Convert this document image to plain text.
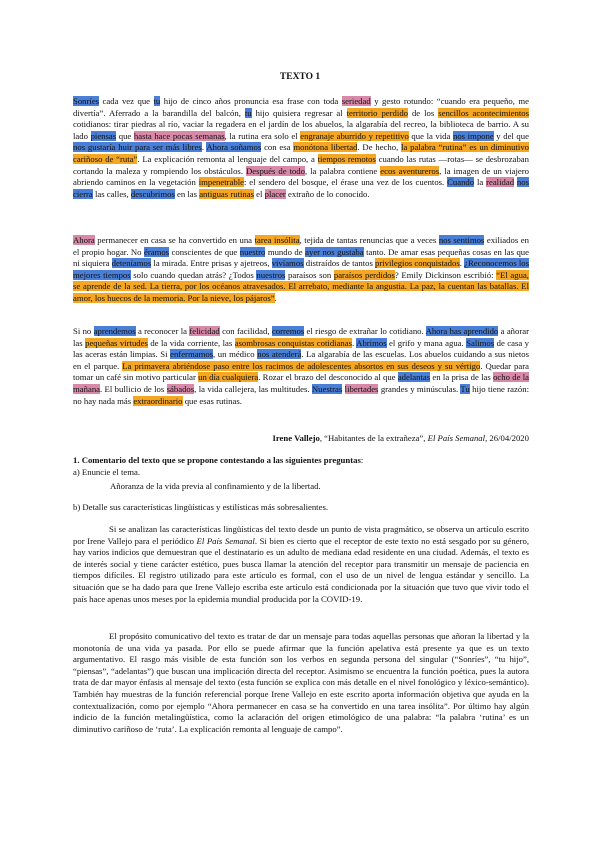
TEXTO 1

Sonríes cada vez que tu hijo de cinco años pronuncia esa frase con toda seriedad y gesto rotundo: “cuando era pequeño, me divertía”. Aferrado a la barandilla del balcón, tu hijo quisiera regresar al territorio perdido de los sencillos acontecimientos cotidianos: tirar piedras al río, vaciar la regadera en el jardín de los abuelos, la algarabía del recreo, la biblioteca de barrio. A su lado piensas que hasta hace pocas semanas, la rutina era solo el engranaje aburrido y repetitivo que la vida nos impone y del que nos gustaría huir para ser más libres. Ahora soñamos con esa monótona libertad. De hecho, la palabra “rutina” es un diminutivo cariñoso de “ruta”. La explicación remonta al lenguaje del campo, a tiempos remotos cuando las rutas —rotas— se desbrozaban cortando la maleza y rompiendo los obstáculos. Después de todo, la palabra contiene ecos aventureros, la imagen de un viajero abriendo caminos en la vegetación impenetrable: el sendero del bosque, el érase una vez de los cuentos. Cuando la realidad nos cierra las calles, descubrimos en las antiguas rutinas el placer extraño de lo conocido.

Ahora permanecer en casa se ha convertido en una tarea insólita, tejida de tantas renuncias que a veces nos sentimos exiliados en el propio hogar. No éramos conscientes de que nuestro mundo de ayer nos gustaba tanto. De amar esas pequeñas cosas en las que ni siquiera deteníamos la mirada. Entre prisas y ajetreos, vivíamos distraídos de tantos privilegios conquistados. ¿Reconocemos los mejores tiempos solo cuando quedan atrás? ¿Todos nuestros paraísos son paraísos perdidos? Emily Dickinson escribió: “El agua, se aprende de la sed. La tierra, por los océanos atravesados. El arrebato, mediante la angustia. La paz, la cuentan las batallas. El amor, los huecos de la memoria. Por la nieve, los pájaros”.

Si no aprendemos a reconocer la felicidad con facilidad, corremos el riesgo de extrañar lo cotidiano. Ahora has aprendido a añorar las pequeñas virtudes de la vida corriente, las asombrosas conquistas cotidianas. Abrimos el grifo y mana agua. Salimos de casa y las aceras están limpias. Si enfermamos, un médico nos atenderá. La algarabía de las escuelas. Los abuelos cuidando a sus nietos en el parque. La primavera abriéndose paso entre los racimos de adolescentes absortos en sus deseos y su vértigo. Quedar para tomar un café sin motivo particular un día cualquiera. Rozar el brazo del desconocido al que adelantas en la prisa de las ocho de la mañana. El bullicio de los sábados, la vida callejera, las multitudes. Nuestras libertades grandes y minúsculas. Tu hijo tiene razón: no hay nada más extraordinario que esas rutinas.

Irene Vallejo, “Habitantes de la extrañeza”, El País Semanal, 26/04/2020
1. Comentario del texto que se propone contestando a las siguientes preguntas:
a) Enuncie el tema.
Añoranza de la vida previa al confinamiento y de la libertad.
b) Detalle sus características lingüísticas y estilísticas más sobresalientes.

Si se analizan las características lingüísticas del texto desde un punto de vista pragmático, se observa un artículo escrito por Irene Vallejo para el periódico El País Semanal. Si bien es cierto que el receptor de este texto no está sesgado por su género, hay varios indicios que demuestran que el destinatario es un adulto de mediana edad residente en una ciudad. Además, el texto es de interés social y tiene carácter estético, pues busca llamar la atención del receptor para transmitir un mensaje de paciencia en tiempos difíciles. El registro utilizado para este artículo es formal, con el uso de un nivel de lengua estándar y sencillo. La situación que se ha dado para que Irene Vallejo escriba este artículo está condicionada por la situación que tuvo que vivir todo el país hace apenas unos meses por la epidemia mundial producida por la COVID-19.

El propósito comunicativo del texto es tratar de dar un mensaje para todas aquellas personas que añoran la libertad y la monotonía de una vida ya pasada. Por ello se puede afirmar que la función apelativa está presente ya que es un texto argumentativo. El rasgo más visible de esta función son los verbos en segunda persona del singular (“Sonríes”, “tu hijo”, “piensas”, “adelantas”) que buscan una implicación directa del receptor. Asimismo se encuentra la función poética, pues la autora trata de dar mayor énfasis al mensaje del texto (esta función se explica con más detalle en el nivel fonológico y léxico-semántico). También hay muestras de la función referencial porque Irene Vallejo en este escrito aporta información objetiva que ayuda en la contextualización, como por ejemplo “Ahora permanecer en casa se ha convertido en una tarea insólita”. Por último hay algún indicio de la función metalingüística, como la aclaración del origen etimológico de una palabra: “la palabra ‘rutina’ es un diminutivo cariñoso de ‘ruta’. La explicación remonta al lenguaje de campo”.
